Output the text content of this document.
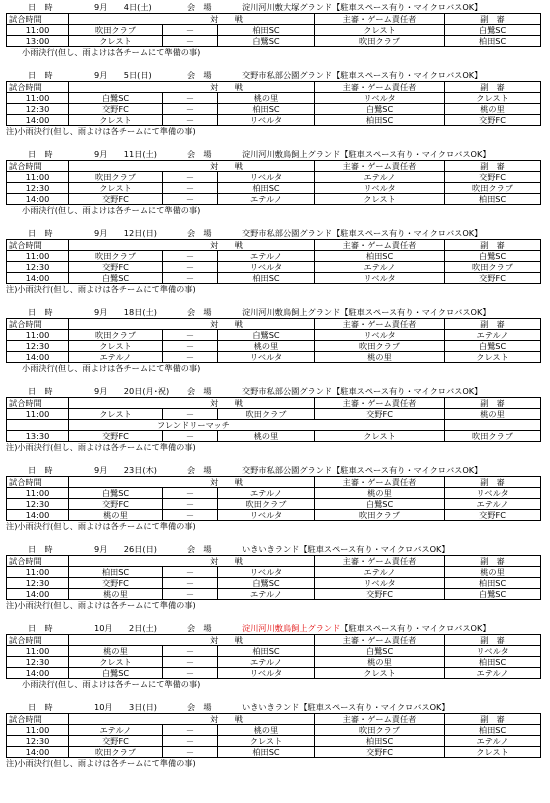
日　時	9月　　4日(土)	会　場	淀川河川敷大塚グランド【駐車スペース有り・マイクロバスOK】
試合時間	対　　戦			主審・ゲーム責任者	副　審
11:00	吹田クラブ	－	柏田SC	クレスト	白鷺SC
13:00	クレスト	－	白鷺SC	吹田クラブ	柏田SC
小雨決行(但し、雨よけは各チームにて準備の事)
日　時	9月　　5日(日)	会　場	交野市私部公園グランド【駐車スペース有り・マイクロバスOK】
試合時間	対　　戦			主審・ゲーム責任者	副　審
11:00	白鷺SC	－	桃の里	リベルタ	クレスト
12:30	交野FC	－	柏田SC	白鷺SC	桃の里
14:00	クレスト	－	リベルタ	柏田SC	交野FC
注)小雨決行(但し、雨よけは各チームにて準備の事)
日　時	9月　　11日(土)	会　場	淀川河川敷鳥飼上グランド【駐車スペース有り・マイクロバスOK】
試合時間	対　　戦			主審・ゲーム責任者	副　審
11:00	吹田クラブ	－	リベルタ	エテルノ	交野FC
12:30	クレスト	－	柏田SC	リベルタ	吹田クラブ
14:00	交野FC	－	エテルノ	クレスト	柏田SC
小雨決行(但し、雨よけは各チームにて準備の事)
日　時	9月　　12日(日)	会　場	交野市私部公園グランド【駐車スペース有り・マイクロバスOK】
試合時間	対　　戦			主審・ゲーム責任者	副　審
11:00	吹田クラブ	－	エテルノ	柏田SC	白鷺SC
12:30	交野FC	－	リベルタ	エテルノ	吹田クラブ
14:00	白鷺SC	－	柏田SC	リベルタ	交野FC
注)小雨決行(但し、雨よけは各チームにて準備の事)
日　時	9月　　18日(土)	会　場	淀川河川敷鳥飼上グランド【駐車スペース有り・マイクロバスOK】
試合時間	対　　戦			主審・ゲーム責任者	副　審
11:00	吹田クラブ	－	白鷺SC	リベルタ	エテルノ
12:30	クレスト	－	桃の里	吹田クラブ	白鷺SC
14:00	エテルノ	－	リベルタ	桃の里	クレスト
小雨決行(但し、雨よけは各チームにて準備の事)
日　時	9月　　20日(月･祝) 会　場	交野市私部公園グランド【駐車スペース有り・マイクロバスOK】
試合時間	対　　戦			主審・ゲーム責任者	副　審
11:00	クレスト	－	吹田クラブ	交野FC	桃の里
	フレンドリーマッチ				
13:30	交野FC	－	桃の里	クレスト	吹田クラブ
注)小雨決行(但し、雨よけは各チームにて準備の事)
日　時	9月　　23日(木)	会　場	交野市私部公園グランド【駐車スペース有り・マイクロバスOK】
試合時間	対　　戦			主審・ゲーム責任者	副　審
11:00	白鷺SC	－	エテルノ	桃の里	リベルタ
12:30	交野FC	－	吹田クラブ	白鷺SC	エテルノ
14:00	桃の里	－	リベルタ	吹田クラブ	交野FC
注)小雨決行(但し、雨よけは各チームにて準備の事)
日　時	9月　　26日(日)	会　場	いきいきランド【駐車スペース有り・マイクロバスOK】
試合時間	対　　戦			主審・ゲーム責任者	副　審
11:00	柏田SC	－	リベルタ	エテルノ	桃の里
12:30	交野FC	－	白鷺SC	リベルタ	柏田SC
14:00	桃の里	－	エテルノ	交野FC	白鷺SC
注)小雨決行(但し、雨よけは各チームにて準備の事)
日　時	10月　　2日(土)	会　場	淀川河川敷鳥飼上グランド【駐車スペース有り・マイクロバスOK】
試合時間	対　　戦			主審・ゲーム責任者	副　審
11:00	桃の里	－	柏田SC	白鷺SC	リベルタ
12:30	クレスト	－	エテルノ	桃の里	柏田SC
14:00	白鷺SC	－	リベルタ	クレスト	エテルノ
小雨決行(但し、雨よけは各チームにて準備の事)
日　時	10月　　3日(日)	会　場	いきいきランド【駐車スペース有り・マイクロバスOK】
試合時間	対　　戦			主審・ゲーム責任者	副　審
11:00	エテルノ	－	桃の里	吹田クラブ	柏田SC
12:30	交野FC	－	クレスト	柏田SC	エテルノ
14:00	吹田クラブ	－	柏田SC	交野FC	クレスト
注)小雨決行(但し、雨よけは各チームにて準備の事)
